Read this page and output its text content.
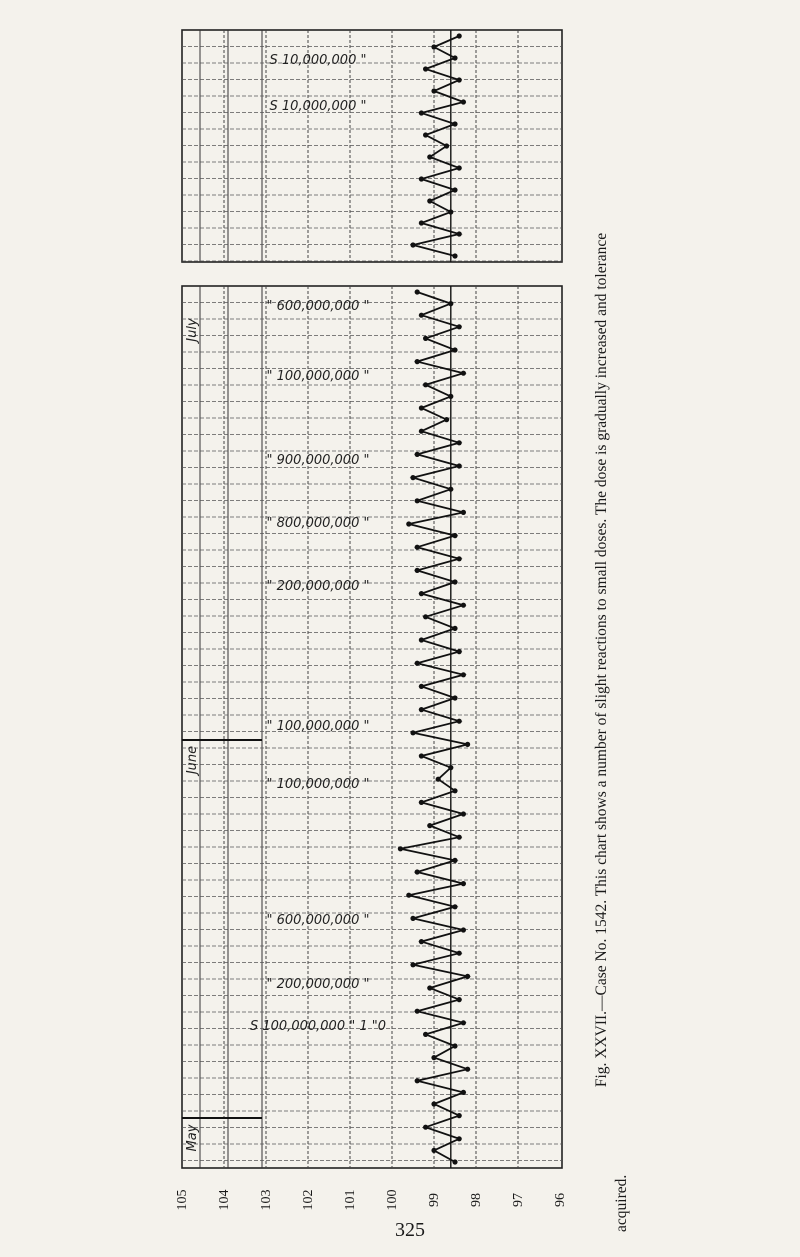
May
June
July
S 10,000,000 "
S 10,000,000 "
" 600,000,000 "
" 100,000,000 "
" 900,000,000 "
" 800,000,000 "
" 200,000,000 "
" 100,000,000 "
" 100,000,000 "
" 600,000,000 "
" 200,000,000 "
S 100,000,000 " 1 "0
105 104 103 102 101 100 99 98 97 96
325
Fig. XXVII.—Case No. 1542. This chart shows a number of slight reactions to small doses. The dose is gradually increased and tolerance
acquired.
